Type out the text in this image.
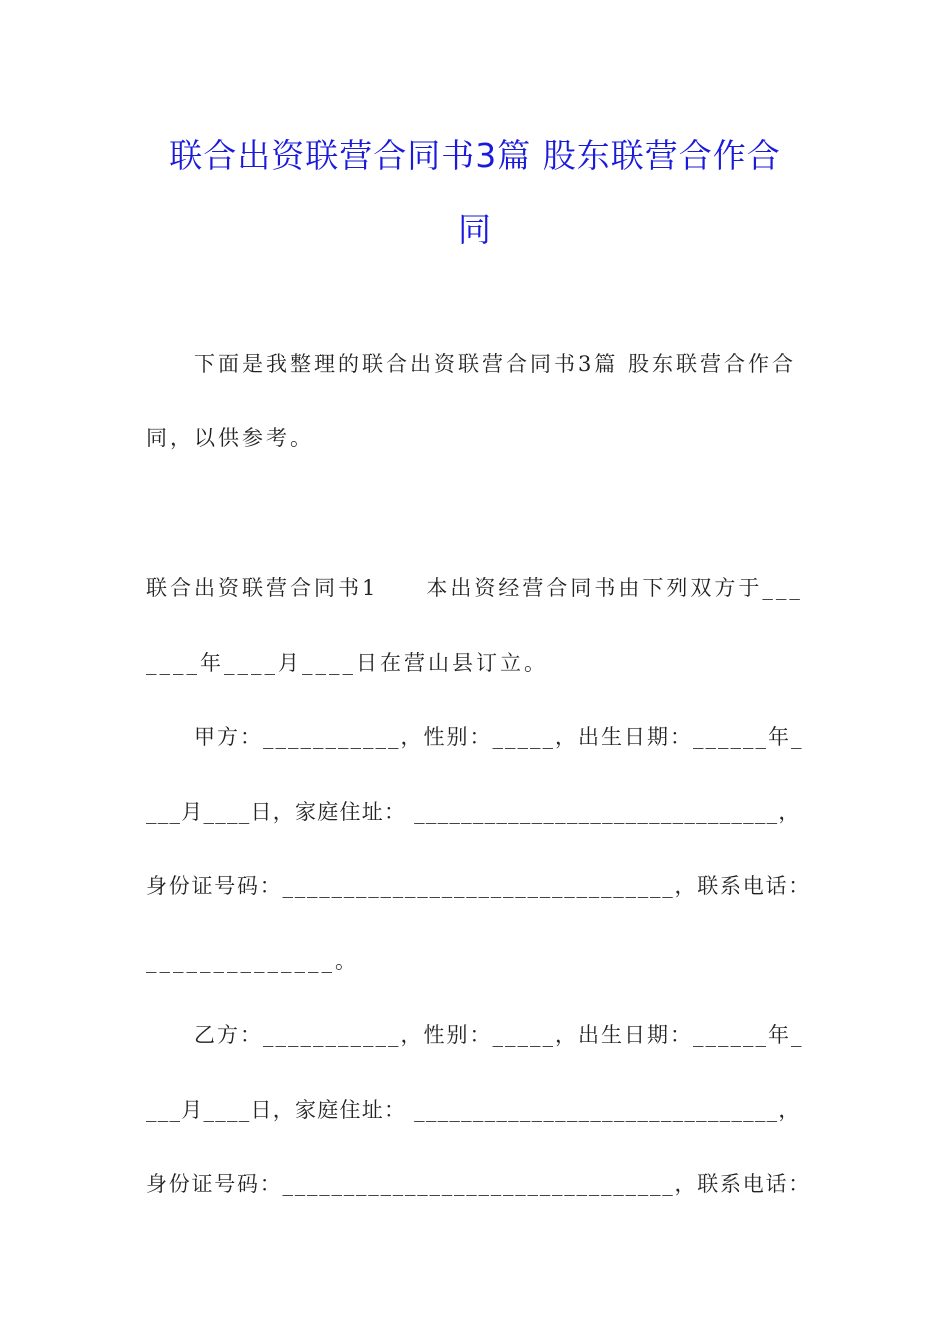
联合出资联营合同书3篇 股东联营合作合
同
下面是我整理的联合出资联营合同书3篇 股东联营合作合
同，以供参考。
联合出资联营合同书1　　本出资经营合同书由下列双方于___
____年____月____日在营山县订立。
甲方：___________，性别：_____，出生日期：______年_
___月____日，家庭住址： _______________________________，
身份证号码：________________________________，联系电话：
______________。
乙方：___________，性别：_____，出生日期：______年_
___月____日，家庭住址： _______________________________，
身份证号码：________________________________，联系电话：
